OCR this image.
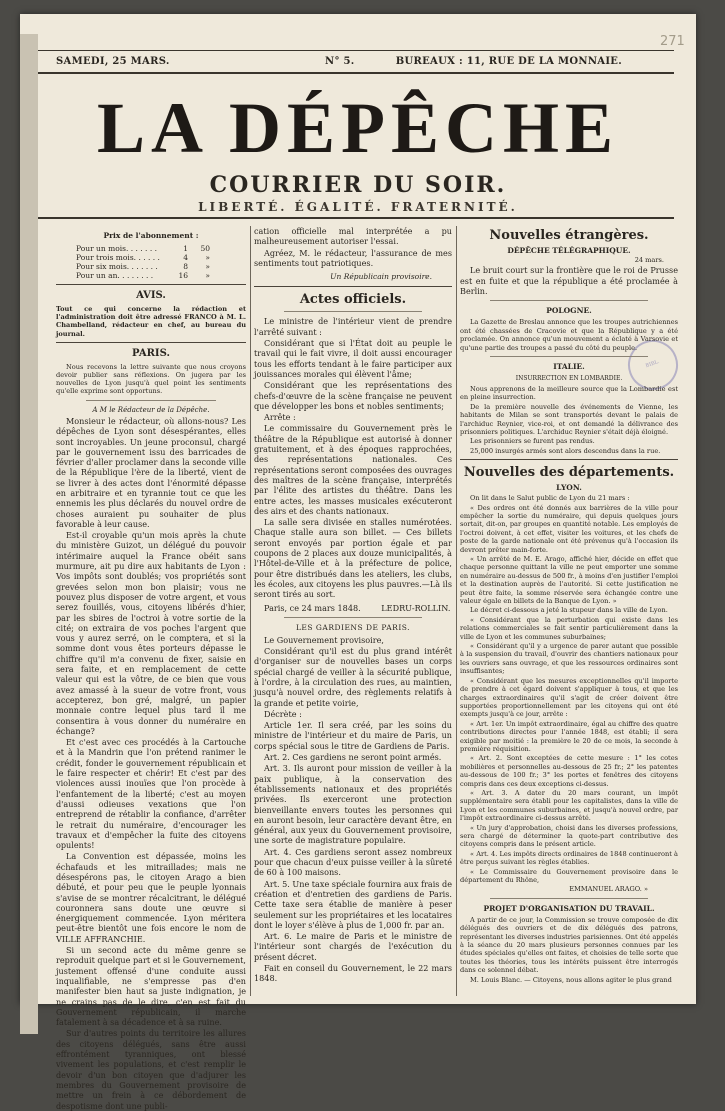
271
SAMEDI, 25 MARS.	N° 5.	BUREAUX : 11, RUE DE LA MONNAIE.
LA DÉPÊCHE
COURRIER DU SOIR.
LIBERTÉ. ÉGALITÉ. FRATERNITÉ.
BIBL.
Prix de l'abonnement :
Pour un mois. . . . . . .	1	50
Pour trois mois. . . . . .	4	»
Pour six mois. . . . . . .	8	»
Pour un an. . . . . . . .	16	»
AVIS.

Tout ce qui concerne la rédaction et l'administration doit être adressé FRANCO à M. L. Chambelland, rédacteur en chef, au bureau du journal.

PARIS.

Nous recevons la lettre suivante que nous croyons devoir publier sans réflexions. On jugera par les nouvelles de Lyon jusqu'à quel point les sentiments qu'elle exprime sont opportuns.

A M le Rédacteur de la Dépêche.

Monsieur le rédacteur, où allons-nous? Les dépêches de Lyon sont désespérantes, elles sont incroyables. Un jeune proconsul, chargé par le gouvernement issu des barricades de février d'aller proclamer dans la seconde ville de la République l'ère de la liberté, vient de se livrer à des actes dont l'énormité dépasse en arbitraire et en tyrannie tout ce que les ennemis les plus déclarés du nouvel ordre de choses auraient pu souhaiter de plus favorable à leur cause.

Est-il croyable qu'un mois après la chute du ministère Guizot, un délégué du pouvoir intérimaire auquel la France obéit sans murmure, ait pu dire aux habitants de Lyon : Vos impôts sont doublés; vos propriétés sont grevées selon mon bon plaisir; vous ne pouvez plus disposer de votre argent, et vous serez fouillés, vous, citoyens libérés d'hier, par les sbires de l'octroi à votre sortie de la cité; on extraira de vos poches l'argent que vous y aurez serré, on le comptera, et si la somme dont vous êtes porteurs dépasse le chiffre qu'il m'a convenu de fixer, saisie en sera faite, et en remplacement de cette valeur qui est la vôtre, de ce bien que vous avez amassé à la sueur de votre front, vous accepterez, bon gré, malgré, un papier monnaie contre lequel plus tard il me consentira à vous donner du numéraire en échange?

Et c'est avec ces procédés à la Cartouche et à la Mandrin que l'on prétend ranimer le crédit, fonder le gouvernement républicain et le faire respecter et chérir! Et c'est par des violences aussi inouïes que l'on procède à l'enfantement de la liberté; c'est au moyen d'aussi odieuses vexations que l'on entreprend de rétablir la confiance, d'arrêter le retrait du numéraire, d'encourager les travaux et d'empêcher la fuite des citoyens opulents!

La Convention est dépassée, moins les échafauds et les mitraillades; mais ne désespérons pas, le citoyen Arago a bien débuté, et pour peu que le peuple lyonnais s'avise de se montrer récalcitrant, le délégué couronnera sans doute une œuvre si énergiquement commencée. Lyon méritera peut-être bientôt une fois encore le nom de VILLE AFFRANCHIE.

Si un second acte du même genre se reproduit quelque part et si le Gouvernement, justement offensé d'une conduite aussi inqualifiable, ne s'empresse pas d'en manifester bien haut sa juste indignation, je ne crains pas de le dire, c'en est fait du Gouvernement républicain, il marche fatalement à sa décadence et à sa ruine.

Sur d'autres points du territoire les allures des citoyens délégués, sans être aussi effrontément tyranniques, ont blessé vivement les populations, et c'est remplir le devoir d'un bon citoyen que d'adjurer les membres du Gouvernement provisoire de mettre un frein à ce débordement de despotisme dont une publi-

cation officielle mal interprétée a pu malheureusement autoriser l'essai.

Agréez, M. le rédacteur, l'assurance de mes sentiments tout patriotiques.

Un Républicain provisoire.

Actes officiels.

Le ministre de l'intérieur vient de prendre l'arrêté suivant :

Considérant que si l'État doit au peuple le travail qui le fait vivre, il doit aussi encourager tous les efforts tendant à le faire participer aux jouissances morales qui élèvent l'âme;

Considérant que les représentations des chefs-d'œuvre de la scène française ne peuvent que développer les bons et nobles sentiments;

Arrête :

Le commissaire du Gouvernement près le théâtre de la République est autorisé à donner gratuitement, et à des époques rapprochées, des représentations nationales. Ces représentations seront composées des ouvrages des maîtres de la scène française, interprétés par l'élite des artistes du théâtre. Dans les entre actes, les masses musicales exécuteront des airs et des chants nationaux.

La salle sera divisée en stalles numérotées. Chaque stalle aura son billet. — Ces billets seront envoyés par portion égale et par coupons de 2 places aux douze municipalités, à l'Hôtel-de-Ville et à la préfecture de police, pour être distribués dans les ateliers, les clubs, les écoles, aux citoyens les plus pauvres.—Là ils seront tirés au sort.

Paris, ce 24 mars 1848.	LEDRU-ROLLIN.

LES GARDIENS DE PARIS.

Le Gouvernement provisoire,

Considérant qu'il est du plus grand intérêt d'organiser sur de nouvelles bases un corps spécial chargé de veiller à la sécurité publique, à l'ordre, à la circulation des rues, au maintien, jusqu'à nouvel ordre, des règlements relatifs à la grande et petite voirie,

Décrète :

Article 1er. Il sera créé, par les soins du ministre de l'intérieur et du maire de Paris, un corps spécial sous le titre de Gardiens de Paris.

Art. 2. Ces gardiens ne seront point armés.

Art. 3. Ils auront pour mission de veiller à la paix publique, à la conservation des établissements nationaux et des propriétés privées. Ils exerceront une protection bienveillante envers toutes les personnes qui en auront besoin, leur caractère devant être, en général, aux yeux du Gouvernement provisoire, une sorte de magistrature populaire.

Art. 4. Ces gardiens seront assez nombreux pour que chacun d'eux puisse veiller à la sûreté de 60 à 100 maisons.

Art. 5. Une taxe spéciale fournira aux frais de création et d'entretien des gardiens de Paris. Cette taxe sera établie de manière à peser seulement sur les propriétaires et les locataires dont le loyer s'élève à plus de 1,000 fr. par an.

Art. 6. Le maire de Paris et le ministre de l'intérieur sont chargés de l'exécution du présent décret.

Fait en conseil du Gouvernement, le 22 mars 1848.

Nouvelles étrangères.
DÉPÊCHE TÉLÉGRAPHIQUE.

24 mars.

Le bruit court sur la frontière que le roi de Prusse est en fuite et que la république a été proclamée à Berlin.

POLOGNE.

La Gazette de Breslau annonce que les troupes autrichiennes ont été chassées de Cracovie et que la République y a été proclamée. On annonce qu'un mouvement a éclaté à Varsovie et qu'une partie des troupes a passé du côté du peuple.

ITALIE.
INSURRECTION EN LOMBARDIE.

Nous apprenons de la meilleure source que la Lombardie est en pleine insurrection.

De la première nouvelle des événements de Vienne, les habitants de Milan se sont transportés devant le palais de l'archiduc Reynier, vice-roi, et ont demandé la délivrance des prisonniers politiques. L'archiduc Reynier s'était déjà éloigné.

Les prisonniers se furent pas rendus.

25,000 insurgés armés sont alors descendus dans la rue.

Nouvelles des départements.
LYON.

On lit dans le Salut public de Lyon du 21 mars :

« Des ordres ont été donnés aux barrières de la ville pour empêcher la sortie du numéraire, qui depuis quelques jours sortait, dit-on, par groupes en quantité notable. Les employés de l'octroi doivent, à cet effet, visiter les voitures, et les chefs de poste de la garde nationale ont été prévenus qu'à l'occasion ils devront prêter main-forte.

« Un arrêté de M. E. Arago, affiché hier, décide en effet que chaque personne quittant la ville ne peut emporter une somme en numéraire au-dessus de 500 fr., à moins d'en justifier l'emploi et la destination auprès de l'autorité. Si cette justification ne peut être faite, la somme réservée sera échangée contre une valeur égale en billets de la Banque de Lyon. »

Le décret ci-dessous a jeté la stupeur dans la ville de Lyon.

« Considérant que la perturbation qui existe dans les relations commerciales se fait sentir particulièrement dans la ville de Lyon et les communes suburbaines;

« Considérant qu'il y a urgence de parer autant que possible à la suspension du travail, d'ouvrir des chantiers nationaux pour les ouvriers sans ouvrage, et que les ressources ordinaires sont insuffisantes;

« Considérant que les mesures exceptionnelles qu'il importe de prendre à cet égard doivent s'appliquer à tous, et que les charges extraordinaires qu'il s'agit de créer doivent être supportées proportionnellement par les citoyens qui ont été exempts jusqu'à ce jour, arrête :

« Art. 1er. Un impôt extraordinaire, égal au chiffre des quatre contributions directes pour l'année 1848, est établi; il sera exigible par moitié : la première le 20 de ce mois, la seconde à première réquisition.

« Art. 2. Sont exceptées de cette mesure : 1° les cotes mobilières et personnelles au-dessous de 25 fr.; 2° les patentes au-dessous de 100 fr.; 3° les portes et fenêtres des citoyens compris dans ces deux exceptions ci-dessus.

« Art. 3. A dater du 20 mars courant, un impôt supplémentaire sera établi pour les capitalistes, dans la ville de Lyon et les communes suburbaines, et jusqu'à nouvel ordre, par l'impôt extraordinaire ci-dessus arrêté.

« Un jury d'approbation, choisi dans les diverses professions, sera chargé de déterminer la quote-part contributive des citoyens compris dans le présent article.

« Art. 4. Les impôts directs ordinaires de 1848 continueront à être perçus suivant les règles établies.

« Le Commissaire du Gouvernement provisoire dans le département du Rhône,

EMMANUEL ARAGO. »

PROJET D'ORGANISATION DU TRAVAIL.

A partir de ce jour, la Commission se trouve composée de dix délégués des ouvriers et de dix délégués des patrons, représentant les diverses industries parisiennes. Ont été appelés à la séance du 20 mars plusieurs personnes connues par les études spéciales qu'elles ont faites, et choisies de telle sorte que toutes les théories, tous les intérêts puissent être interrogés dans ce solennel débat.

M. Louis Blanc. — Citoyens, nous allons agiter le plus grand
